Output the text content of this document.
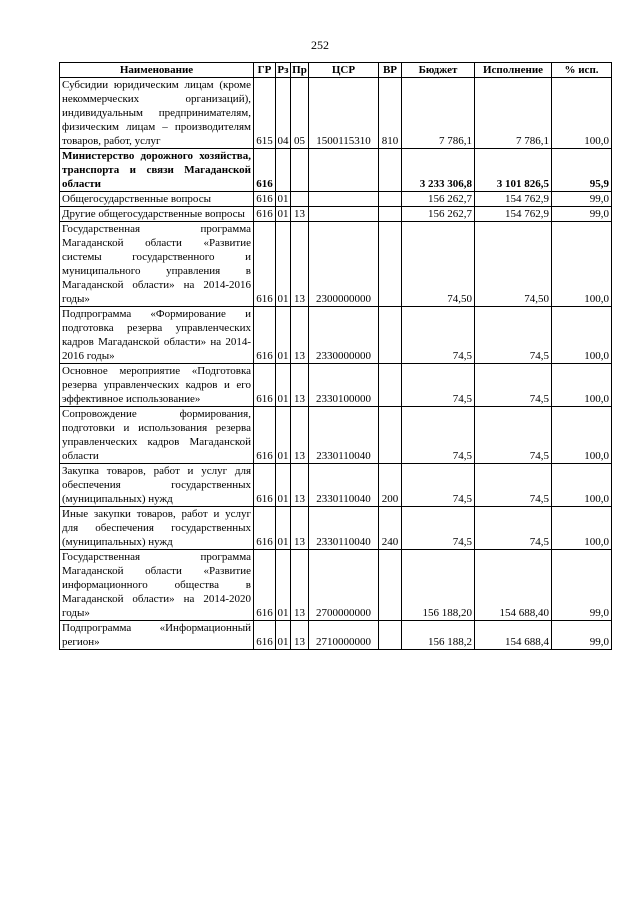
252
Наименование	ГР	Рз	Пр	ЦСР	ВР	Бюджет	Исполнение	% исп.
Субсидии юридическим лицам (кроме некоммерческих организаций), индивидуальным предпринимателям, физическим лицам – производителям товаров, работ, услуг	615	04	05	1500115310	810	7 786,1	7 786,1	100,0
Министерство дорожного хозяйства, транспорта и связи Магаданской области	616					3 233 306,8	3 101 826,5	95,9
Общегосударственные вопросы	616	01				156 262,7	154 762,9	99,0
Другие общегосударственные вопросы	616	01	13			156 262,7	154 762,9	99,0
Государственная программа Магаданской области «Развитие системы государственного и муниципального управления в Магаданской области» на 2014-2016 годы»	616	01	13	2300000000		74,50	74,50	100,0
Подпрограмма «Формирование и подготовка резерва управленческих кадров Магаданской области» на 2014-2016 годы»	616	01	13	2330000000		74,5	74,5	100,0
Основное мероприятие «Подготовка резерва управленческих кадров и его эффективное использование»	616	01	13	2330100000		74,5	74,5	100,0
Сопровождение формирования, подготовки и использования резерва управленческих кадров Магаданской области	616	01	13	2330110040		74,5	74,5	100,0
Закупка товаров, работ и услуг для обеспечения государственных (муниципальных) нужд	616	01	13	2330110040	200	74,5	74,5	100,0
Иные закупки товаров, работ и услуг для обеспечения государственных (муниципальных) нужд	616	01	13	2330110040	240	74,5	74,5	100,0
Государственная программа Магаданской области «Развитие информационного общества в Магаданской области» на 2014-2020 годы»	616	01	13	2700000000		156 188,20	154 688,40	99,0
Подпрограмма «Информационный регион»	616	01	13	2710000000		156 188,2	154 688,4	99,0
